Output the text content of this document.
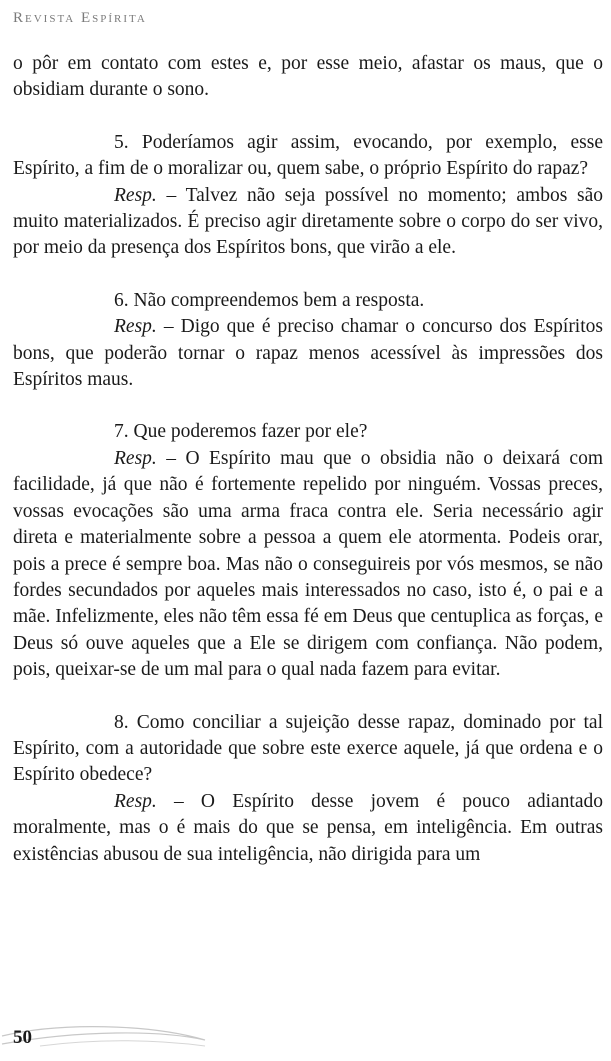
Revista Espírita

o pôr em contato com estes e, por esse meio, afastar os maus, que o obsidiam durante o sono.

5. Poderíamos agir assim, evocando, por exemplo, esse Espírito, a fim de o moralizar ou, quem sabe, o próprio Espírito do rapaz?

Resp. – Talvez não seja possível no momento; ambos são muito materializados. É preciso agir diretamente sobre o corpo do ser vivo, por meio da presença dos Espíritos bons, que virão a ele.

6. Não compreendemos bem a resposta.

Resp. – Digo que é preciso chamar o concurso dos Espíritos bons, que poderão tornar o rapaz menos acessível às impressões dos Espíritos maus.

7. Que poderemos fazer por ele?

Resp. – O Espírito mau que o obsidia não o deixará com facilidade, já que não é fortemente repelido por ninguém. Vossas preces, vossas evocações são uma arma fraca contra ele. Seria necessário agir direta e materialmente sobre a pessoa a quem ele atormenta. Podeis orar, pois a prece é sempre boa. Mas não o conseguireis por vós mesmos, se não fordes secundados por aqueles mais interessados no caso, isto é, o pai e a mãe. Infelizmente, eles não têm essa fé em Deus que centuplica as forças, e Deus só ouve aqueles que a Ele se dirigem com confiança. Não podem, pois, queixar-se de um mal para o qual nada fazem para evitar.

8. Como conciliar a sujeição desse rapaz, dominado por tal Espírito, com a autoridade que sobre este exerce aquele, já que ordena e o Espírito obedece?

Resp. – O Espírito desse jovem é pouco adiantado moralmente, mas o é mais do que se pensa, em inteligência. Em outras existências abusou de sua inteligência, não dirigida para um

50
